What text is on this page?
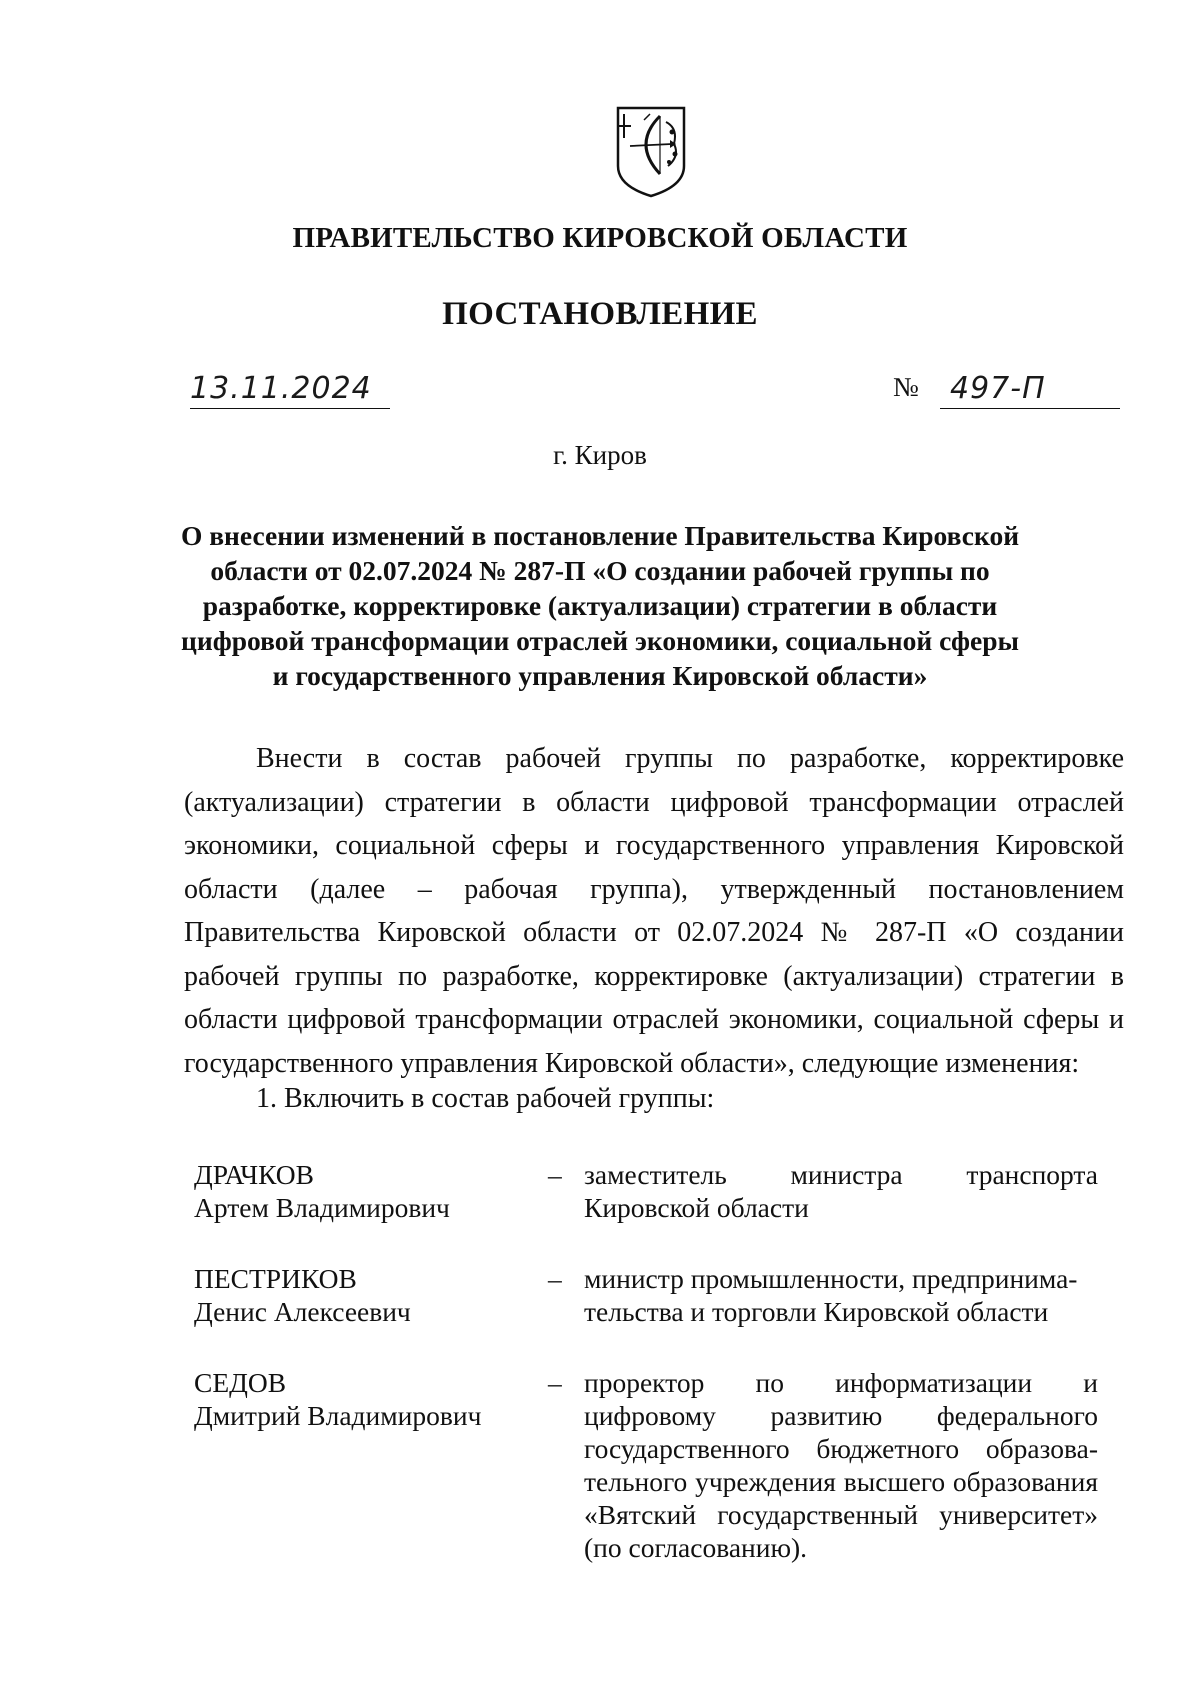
ПРАВИТЕЛЬСТВО КИРОВСКОЙ ОБЛАСТИ
ПОСТАНОВЛЕНИЕ
13.11.2024	№ 497-П
г. Киров
О внесении изменений в постановление Правительства Кировской области от 02.07.2024 № 287-П «О создании рабочей группы по разработке, корректировке (актуализации) стратегии в области цифровой трансформации отраслей экономики, социальной сферы и государственного управления Кировской области»

Внести в состав рабочей группы по разработке, корректировке (актуализации) стратегии в области цифровой трансформации отраслей экономики, социальной сферы и государственного управления Кировской области (далее – рабочая группа), утвержденный постановлением Правительства Кировской области от 02.07.2024 № 287-П «О создании рабочей группы по разработке, корректировке (актуализации) стратегии в области цифровой трансформации отраслей экономики, социальной сферы и государственного управления Кировской области», следующие изменения:

1. Включить в состав рабочей группы:
ДРАЧКОВ
Артем Владимирович
– заместитель министра транспорта
Кировской области
ПЕСТРИКОВ
Денис Алексеевич
– министр промышленности, предпринима-
тельства и торговли Кировской области
СЕДОВ
Дмитрий Владимирович
– проректор по информатизации и
цифровому развитию федерального
государственного бюджетного образова-
тельного учреждения высшего образования
«Вятский государственный университет»
(по согласованию).
